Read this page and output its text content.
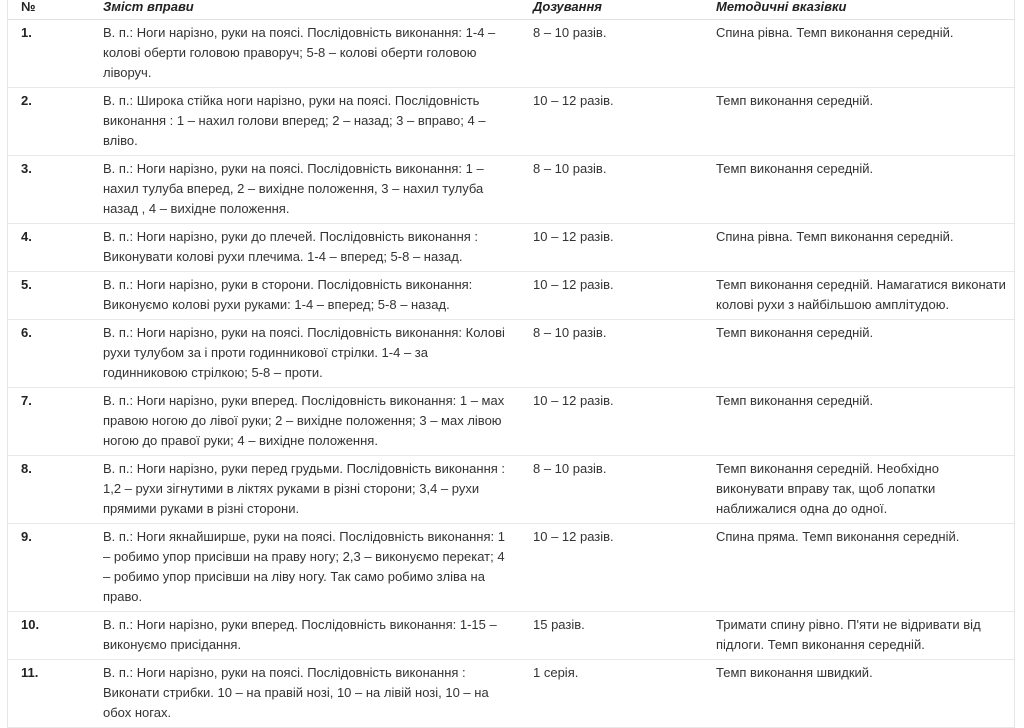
№	Зміст вправи	Дозування	Методичні вказівки
1.	В. п.: Ноги нарізно, руки на поясі. Послідовність виконання: 1-4 – колові оберти головою праворуч; 5-8 – колові оберти головою ліворуч.	8 – 10 разів.	Спина рівна. Темп виконання середній.
2.	В. п.: Широка стійка ноги нарізно, руки на поясі. Послідовність виконання : 1 – нахил голови вперед; 2 – назад; 3 – вправо; 4 – вліво.	10 – 12 разів.	Темп виконання середній.
3.	В. п.: Ноги нарізно, руки на поясі. Послідовність виконання: 1 – нахил тулуба вперед, 2 – вихідне положення, 3 – нахил тулуба назад , 4 – вихідне положення.	8 – 10 разів.	Темп виконання середній.
4.	В. п.: Ноги нарізно, руки до плечей. Послідовність виконання : Виконувати колові рухи плечима. 1-4 – вперед; 5-8 – назад.	10 – 12 разів.	Спина рівна. Темп виконання середній.
5.	В. п.: Ноги нарізно, руки в сторони. Послідовність виконання: Виконуємо колові рухи руками: 1-4 – вперед; 5-8 – назад.	10 – 12 разів.	Темп виконання середній. Намагатися виконати колові рухи з найбільшою амплітудою.
6.	В. п.: Ноги нарізно, руки на поясі. Послідовність виконання: Колові рухи тулубом за і проти годинникової стрілки. 1-4 – за годинниковою стрілкою; 5-8 – проти.	8 – 10 разів.	Темп виконання середній.
7.	В. п.: Ноги нарізно, руки вперед. Послідовність виконання: 1 – мах правою ногою до лівої руки; 2 – вихідне положення; 3 – мах лівою ногою до правої руки; 4 – вихідне положення.	10 – 12 разів.	Темп виконання середній.
8.	В. п.: Ноги нарізно, руки перед грудьми. Послідовність виконання : 1,2 – рухи зігнутими в ліктях руками в різні сторони; 3,4 – рухи прямими руками в різні сторони.	8 – 10 разів.	Темп виконання середній. Необхідно виконувати вправу так, щоб лопатки наближалися одна до одної.
9.	В. п.: Ноги якнайширше, руки на поясі. Послідовність виконання: 1 – робимо упор присівши на праву ногу; 2,3 – виконуємо перекат; 4 – робимо упор присівши на ліву ногу. Так само робимо зліва на право.	10 – 12 разів.	Спина пряма. Темп виконання середній.
10.	В. п.: Ноги нарізно, руки вперед. Послідовність виконання: 1-15 – виконуємо присідання.	15 разів.	Тримати спину рівно. П'яти не відривати від підлоги. Темп виконання середній.
11.	В. п.: Ноги нарізно, руки на поясі. Послідовність виконання : Виконати стрибки. 10 – на правій нозі, 10 – на лівій нозі, 10 – на обох ногах.	1 серія.	Темп виконання швидкий.
